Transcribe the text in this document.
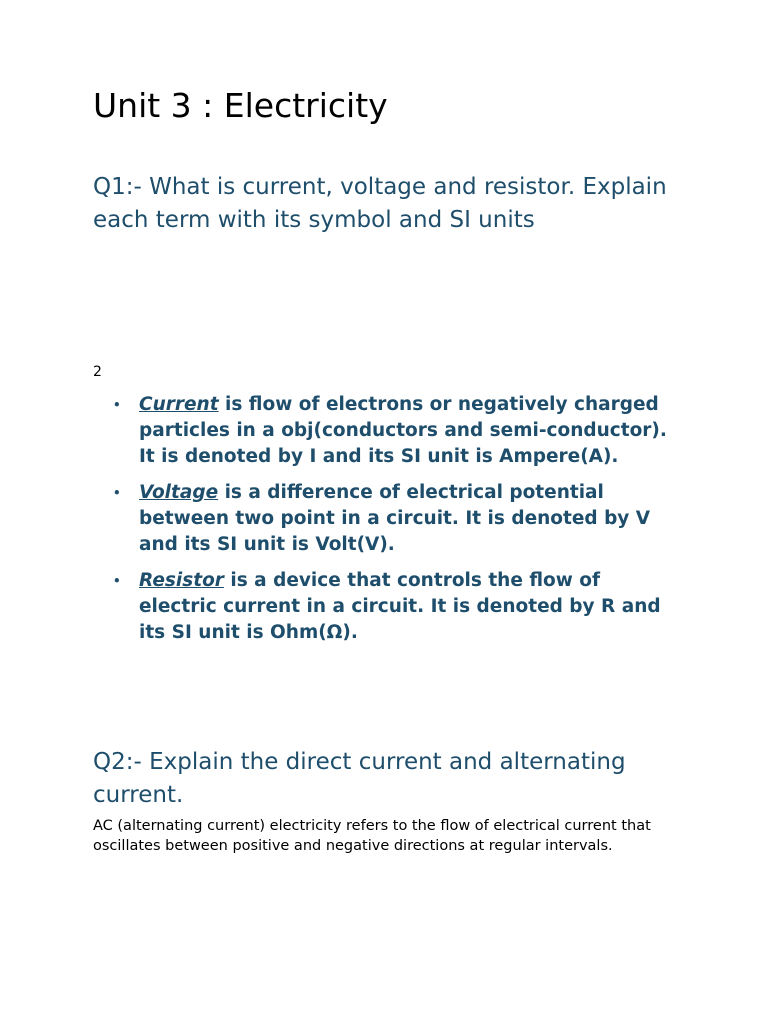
Unit 3 : Electricity
Q1:- What is current, voltage and resistor. Explain each term with its symbol and SI units
2
• Current is flow of electrons or negatively charged particles in a obj(conductors and semi-conductor). It is denoted by I and its SI unit is Ampere(A).
• Voltage is a difference of electrical potential between two point in a circuit. It is denoted by V and its SI unit is Volt(V).
• Resistor is a device that controls the flow of electric current in a circuit. It is denoted by R and its SI unit is Ohm(Ω).
Q2:- Explain the direct current and alternating current.

AC (alternating current) electricity refers to the flow of electrical current that oscillates between positive and negative directions at regular intervals.
